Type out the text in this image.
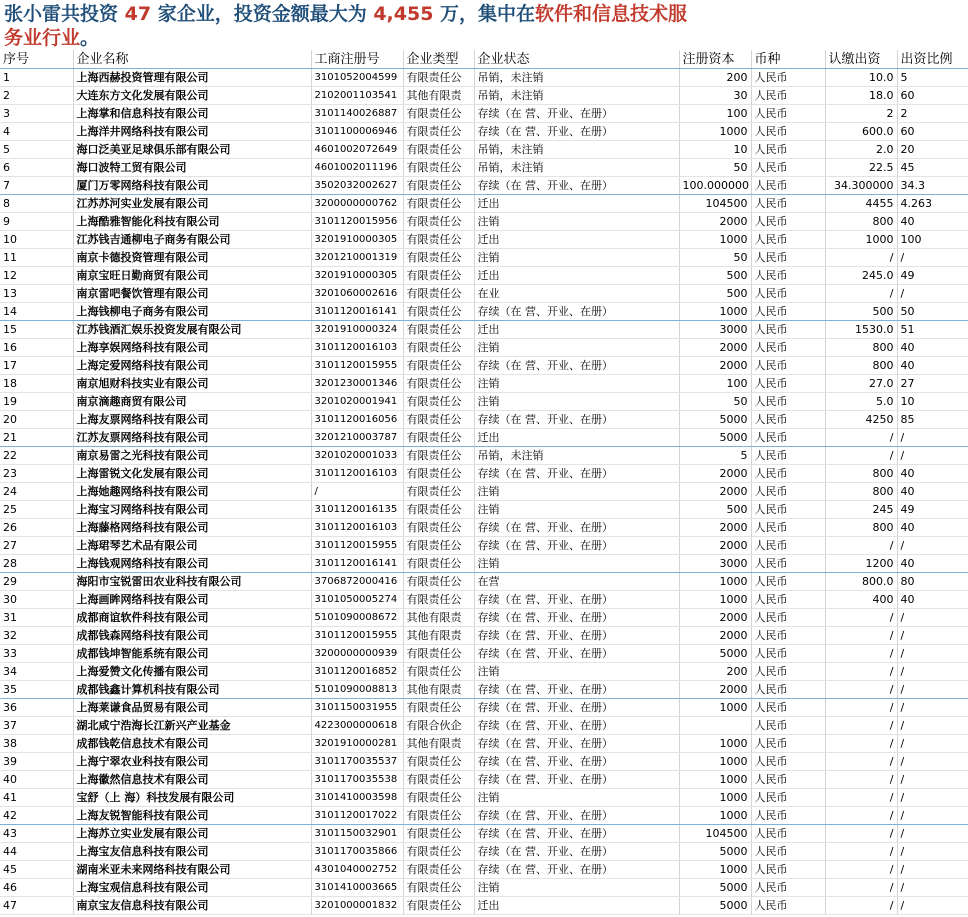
张小雷共投资 47 家企业，投资金额最大为 4,455 万，集中在软件和信息技术服务业行业。
序号	企业名称	工商注册号	企业类型	企业状态	注册资本	币种	认缴出资	出资比例
1	上海西赫投资管理有限公司	3101052004599	有限责任公	吊销，未注销	200	人民币	10.0	5
2	大连东方文化发展有限公司	2102001103541	其他有限责	吊销，未注销	30	人民币	18.0	60
3	上海掌和信息科技有限公司	3101140026887	有限责任公	存续（在 营、开业、在册）	100	人民币	2	2
4	上海洋井网络科技有限公司	3101100006946	有限责任公	存续（在 营、开业、在册）	1000	人民币	600.0	60
5	海口泛美亚足球俱乐部有限公司	4601002072649	有限责任公	吊销，未注销	10	人民币	2.0	20
6	海口波特工贸有限公司	4601002011196	有限责任公	吊销，未注销	50	人民币	22.5	45
7	厦门万零网络科技有限公司	3502032002627	有限责任公	存续（在 营、开业、在册）	100.000000	人民币	34.300000	34.3
8	江苏苏河实业发展有限公司	3200000000762	有限责任公	迁出	104500	人民币	4455	4.263
9	上海酷雅智能化科技有限公司	3101120015956	有限责任公	注销	2000	人民币	800	40
10	江苏钱吉通柳电子商务有限公司	3201910000305	有限责任公	迁出	1000	人民币	1000	100
11	南京卡德投资管理有限公司	3201210001319	有限责任公	注销	50	人民币	/	/
12	南京宝旺日勤商贸有限公司	3201910000305	有限责任公	迁出	500	人民币	245.0	49
13	南京雷吧餐饮管理有限公司	3201060002616	有限责任公	在业	500	人民币	/	/
14	上海钱柳电子商务有限公司	3101120016141	有限责任公	存续（在 营、开业、在册）	1000	人民币	500	50
15	江苏钱酒汇娱乐投资发展有限公司	3201910000324	有限责任公	迁出	3000	人民币	1530.0	51
16	上海享娱网络科技有限公司	3101120016103	有限责任公	注销	2000	人民币	800	40
17	上海定爱网络科技有限公司	3101120015955	有限责任公	存续（在 营、开业、在册）	2000	人民币	800	40
18	南京旭财科技实业有限公司	3201230001346	有限责任公	注销	100	人民币	27.0	27
19	南京滴趣商贸有限公司	3201020001941	有限责任公	注销	50	人民币	5.0	10
20	上海友票网络科技有限公司	3101120016056	有限责任公	存续（在 营、开业、在册）	5000	人民币	4250	85
21	江苏友票网络科技有限公司	3201210003787	有限责任公	迁出	5000	人民币	/	/
22	南京易雷之光科技有限公司	3201020001033	有限责任公	吊销，未注销	5	人民币	/	/
23	上海雷锐文化发展有限公司	3101120016103	有限责任公	存续（在 营、开业、在册）	2000	人民币	800	40
24	上海她趣网络科技有限公司	/	有限责任公	注销	2000	人民币	800	40
25	上海宝习网络科技有限公司	3101120016135	有限责任公	注销	500	人民币	245	49
26	上海藤格网络科技有限公司	3101120016103	有限责任公	存续（在 营、开业、在册）	2000	人民币	800	40
27	上海珺琴艺术品有限公司	3101120015955	有限责任公	存续（在 营、开业、在册）	2000	人民币	/	/
28	上海钱观网络科技有限公司	3101120016141	有限责任公	注销	3000	人民币	1200	40
29	海阳市宝锐雷田农业科技有限公司	3706872000416	有限责任公	在营	1000	人民币	800.0	80
30	上海画眸网络科技有限公司	3101050005274	有限责任公	存续（在 营、开业、在册）	1000	人民币	400	40
31	成都商谊软件科技有限公司	5101090008672	其他有限责	存续（在 营、开业、在册）	2000	人民币	/	/
32	成都钱森网络科技有限公司	3101120015955	其他有限责	存续（在 营、开业、在册）	2000	人民币	/	/
33	成都钱坤智能系统有限公司	3200000000939	有限责任公	存续（在 营、开业、在册）	5000	人民币	/	/
34	上海爱赞文化传播有限公司	3101120016852	有限责任公	注销	200	人民币	/	/
35	成都钱鑫计算机科技有限公司	5101090008813	其他有限责	存续（在 营、开业、在册）	2000	人民币	/	/
36	上海莱谦食品贸易有限公司	3101150031955	有限责任公	存续（在 营、开业、在册）	1000	人民币	/	/
37	湖北咸宁浩海长江新兴产业基金	4223000000618	有限合伙企	存续（在 营、开业、在册）		人民币	/	/
38	成都钱乾信息技术有限公司	3201910000281	其他有限责	存续（在 营、开业、在册）	1000	人民币	/	/
39	上海宁翠农业科技有限公司	3101170035537	有限责任公	存续（在 营、开业、在册）	1000	人民币	/	/
40	上海徽然信息技术有限公司	3101170035538	有限责任公	存续（在 营、开业、在册）	1000	人民币	/	/
41	宝舒（上 海）科技发展有限公司	3101410003598	有限责任公	注销	1000	人民币	/	/
42	上海友锐智能科技有限公司	3101120017022	有限责任公	存续（在 营、开业、在册）	1000	人民币	/	/
43	上海苏立实业发展有限公司	3101150032901	有限责任公	存续（在 营、开业、在册）	104500	人民币	/	/
44	上海宝友信息科技有限公司	3101170035866	有限责任公	存续（在 营、开业、在册）	5000	人民币	/	/
45	湖南米亚未来网络科技有限公司	4301040002752	有限责任公	存续（在 营、开业、在册）	1000	人民币	/	/
46	上海宝观信息科技有限公司	3101410003665	有限责任公	注销	5000	人民币	/	/
47	南京宝友信息科技有限公司	3201000001832	有限责任公	迁出	5000	人民币	/	/
